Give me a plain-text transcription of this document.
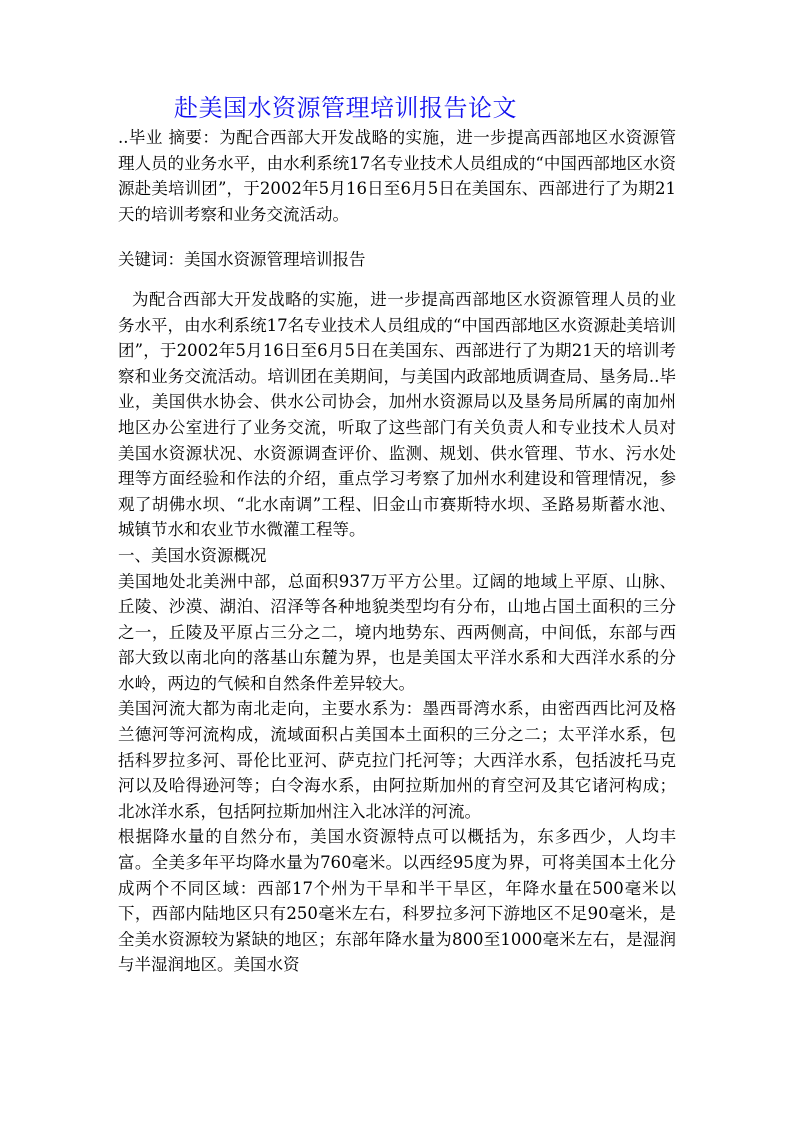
赴美国水资源管理培训报告论文

..毕业 摘要：为配合西部大开发战略的实施，进一步提高西部地区水资源管理人员的业务水平，由水利系统17名专业技术人员组成的“中国西部地区水资源赴美培训团”，于2002年5月16日至6月5日在美国东、西部进行了为期21天的培训考察和业务交流活动。

关键词：美国水资源管理培训报告

为配合西部大开发战略的实施，进一步提高西部地区水资源管理人员的业务水平，由水利系统17名专业技术人员组成的“中国西部地区水资源赴美培训团”，于2002年5月16日至6月5日在美国东、西部进行了为期21天的培训考察和业务交流活动。培训团在美期间，与美国内政部地质调查局、垦务局..毕业，美国供水协会、供水公司协会，加州水资源局以及垦务局所属的南加州地区办公室进行了业务交流，听取了这些部门有关负责人和专业技术人员对美国水资源状况、水资源调查评价、监测、规划、供水管理、节水、污水处理等方面经验和作法的介绍，重点学习考察了加州水利建设和管理情况，参观了胡佛水坝、“北水南调”工程、旧金山市赛斯特水坝、圣路易斯蓄水池、城镇节水和农业节水微灌工程等。

一、美国水资源概况

美国地处北美洲中部，总面积937万平方公里。辽阔的地域上平原、山脉、丘陵、沙漠、湖泊、沼泽等各种地貌类型均有分布，山地占国土面积的三分之一，丘陵及平原占三分之二，境内地势东、西两侧高，中间低，东部与西部大致以南北向的落基山东麓为界，也是美国太平洋水系和大西洋水系的分水岭，两边的气候和自然条件差异较大。

美国河流大都为南北走向，主要水系为：墨西哥湾水系，由密西西比河及格兰德河等河流构成，流域面积占美国本土面积的三分之二；太平洋水系，包括科罗拉多河、哥伦比亚河、萨克拉门托河等；大西洋水系，包括波托马克河以及哈得逊河等；白令海水系，由阿拉斯加州的育空河及其它诸河构成；北冰洋水系，包括阿拉斯加州注入北冰洋的河流。

根据降水量的自然分布，美国水资源特点可以概括为，东多西少，人均丰富。全美多年平均降水量为760毫米。以西经95度为界，可将美国本土化分成两个不同区域：西部17个州为干旱和半干旱区，年降水量在500毫米以下，西部内陆地区只有250毫米左右，科罗拉多河下游地区不足90毫米，是全美水资源较为紧缺的地区；东部年降水量为800至1000毫米左右，是湿润与半湿润地区。美国水资
